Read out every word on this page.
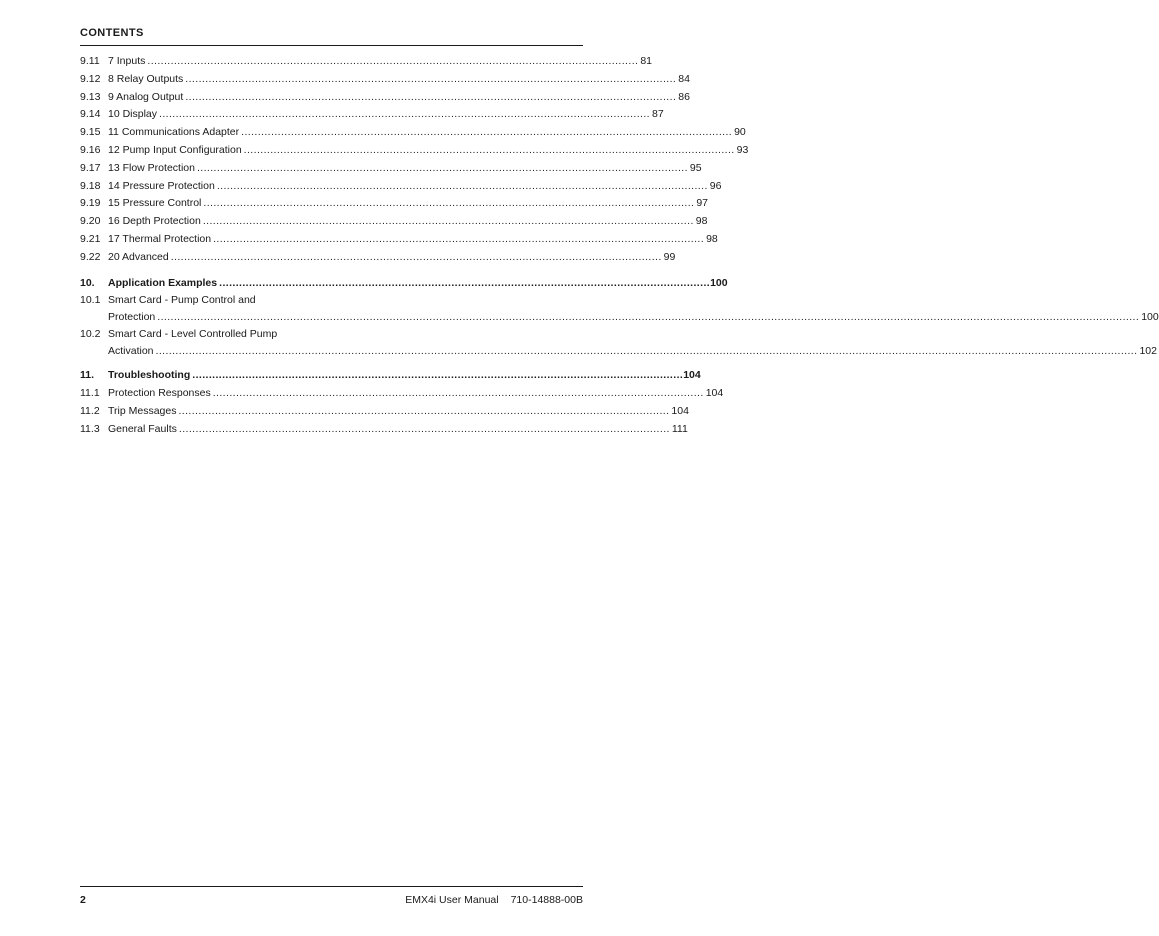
CONTENTS
9.11 7 Inputs .....	81
9.12 8 Relay Outputs .....	84
9.13 9 Analog Output .....	86
9.14 10 Display .....	87
9.15 11 Communications Adapter .....	90
9.16 12 Pump Input Configuration .....	93
9.17 13 Flow Protection .....	95
9.18 14 Pressure Protection .....	96
9.19 15 Pressure Control .....	97
9.20 16 Depth Protection .....	98
9.21 17 Thermal Protection .....	98
9.22 20 Advanced .....	99
10.	Application Examples .....	100
10.1 Smart Card - Pump Control and
Protection .................................................................................................................................................... .....	100
10.2 Smart Card - Level Controlled Pump
Activation .................................................................................................................................................... .....	102
11.	Troubleshooting .....	104
11.1 Protection Responses .....	104
11.2 Trip Messages .....	104
11.3 General Faults .....	111
2	EMX4i User Manual 710-14888-00B
